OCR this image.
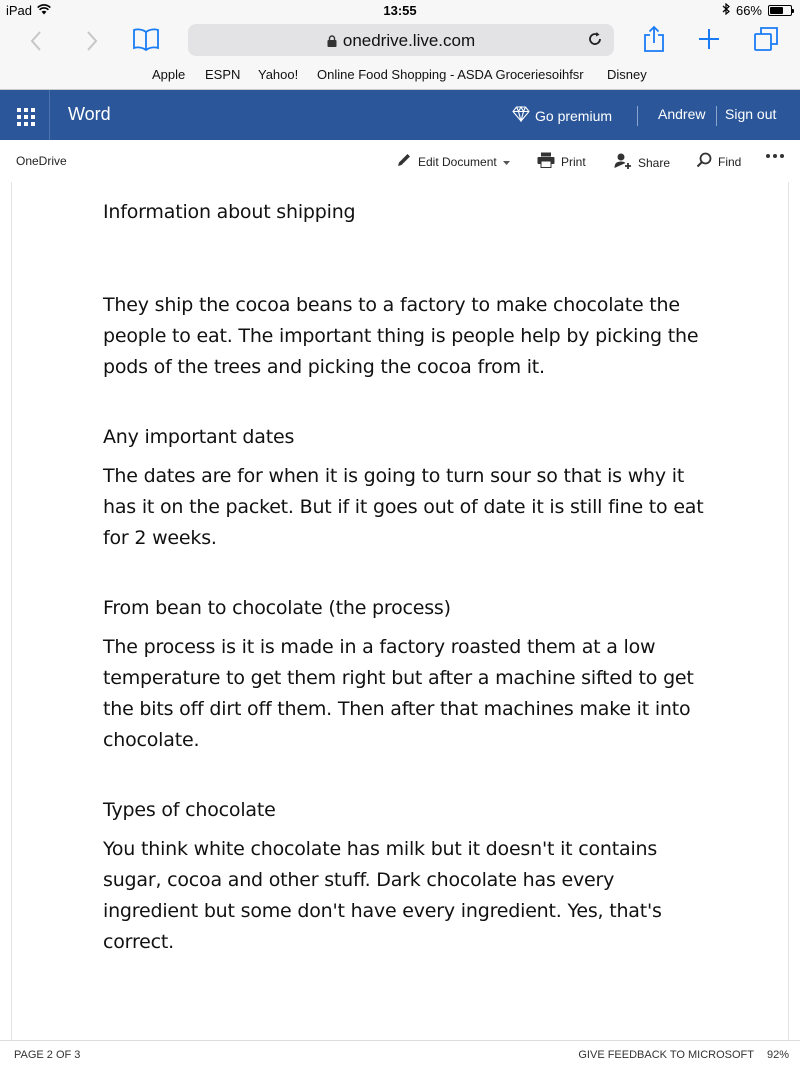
iPad	13:55	66%
onedrive.live.com
Apple ESPN Yahoo! Online Food Shopping - ASDA Groceriesoihfsr Disney
Word	Go premium	Andrew Sign out
OneDrive	Edit Document	Print	Share	Find
Information about shipping
They ship the cocoa beans to a factory to make chocolate the people to eat. The important thing is people help by picking the pods of the trees and picking the cocoa from it.
Any important dates
The dates are for when it is going to turn sour so that is why it has it on the packet. But if it goes out of date it is still fine to eat for 2 weeks.
From bean to chocolate (the process)
The process is it is made in a factory roasted them at a low temperature to get them right but after a machine sifted to get the bits off dirt off them. Then after that machines make it into chocolate.
Types of chocolate
You think white chocolate has milk but it doesn't it contains sugar, cocoa and other stuff. Dark chocolate has every ingredient but some don't have every ingredient. Yes, that's correct.
PAGE 2 OF 3	GIVE FEEDBACK TO MICROSOFT 92%
